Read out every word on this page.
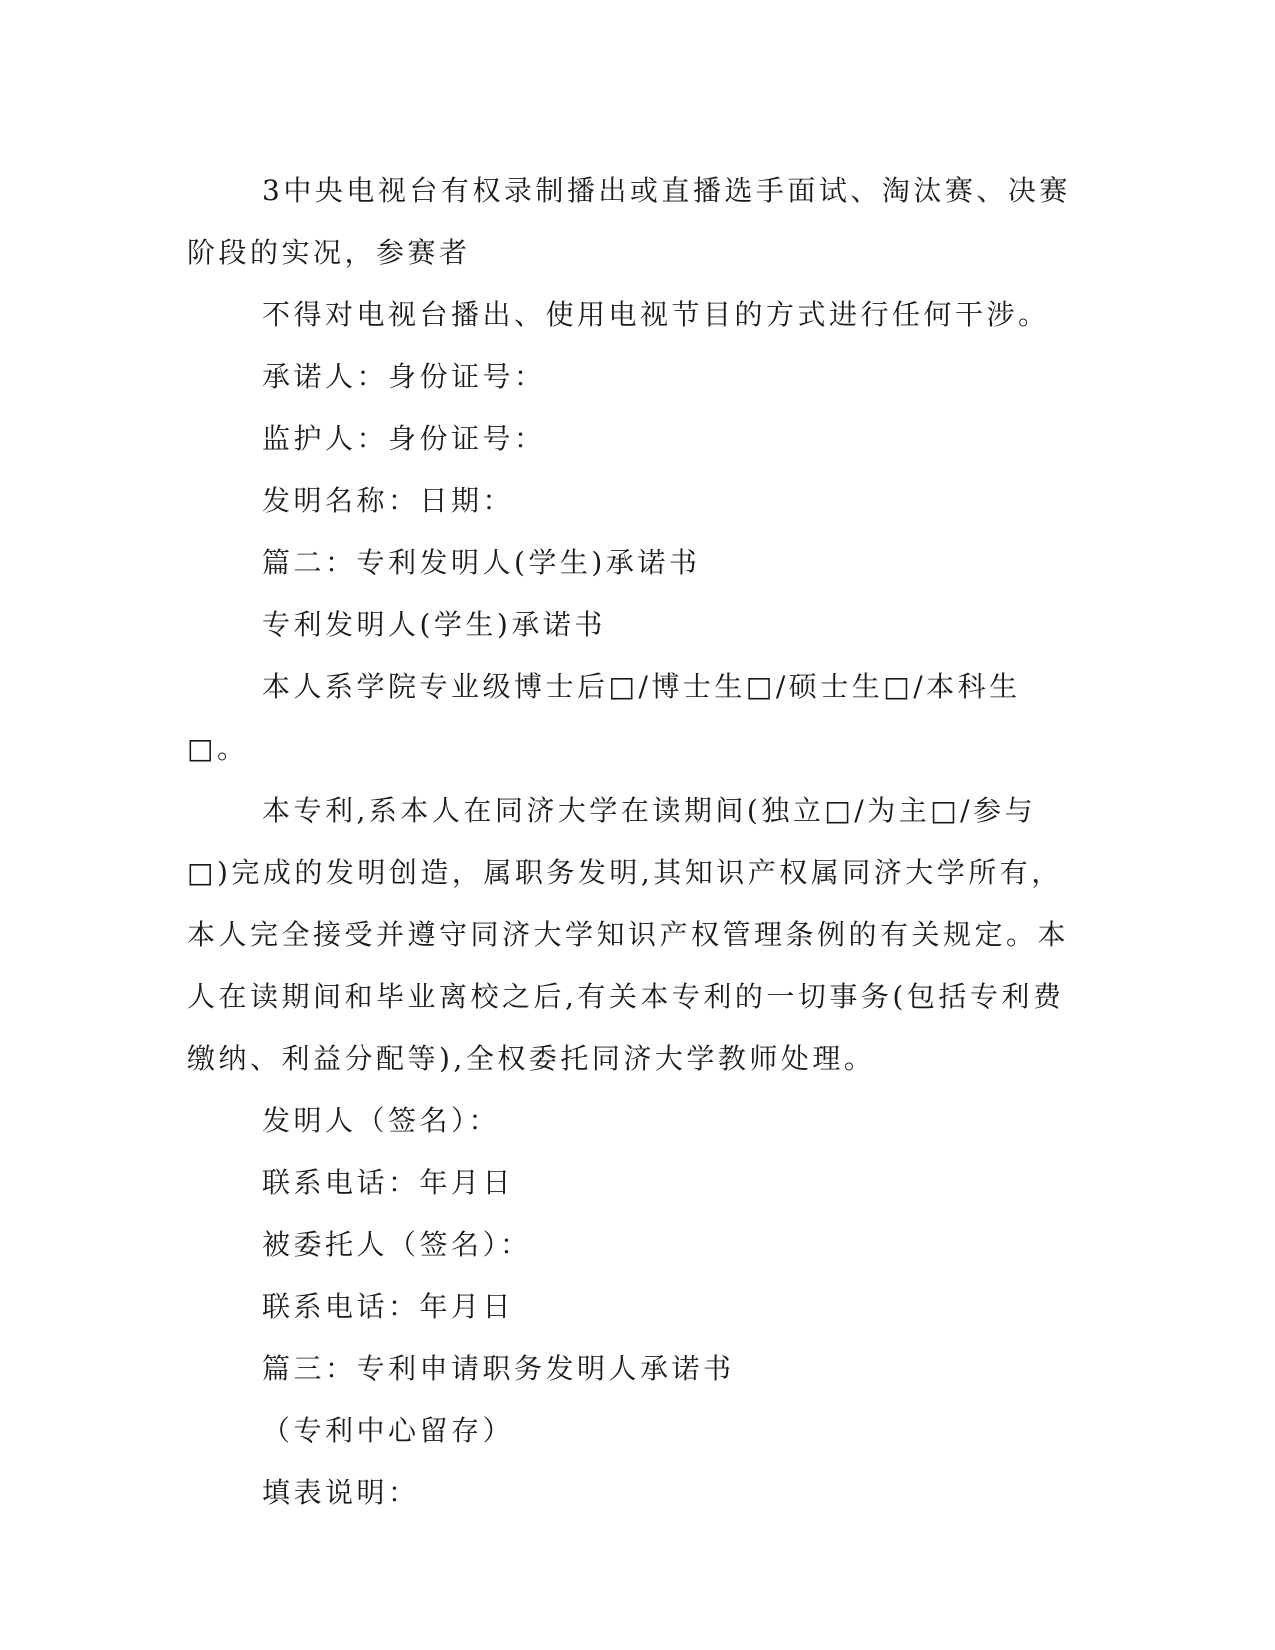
3中央电视台有权录制播出或直播选手面试、淘汰赛、决赛阶段的实况，参赛者

不得对电视台播出、使用电视节目的方式进行任何干涉。

承诺人：身份证号：

监护人：身份证号：

发明名称：日期：

篇二：专利发明人(学生)承诺书

专利发明人(学生)承诺书

本人系学院专业级博士后□/博士生□/硕士生□/本科生□。

本专利,系本人在同济大学在读期间(独立□/为主□/参与□)完成的发明创造，属职务发明,其知识产权属同济大学所有，本人完全接受并遵守同济大学知识产权管理条例的有关规定。本人在读期间和毕业离校之后,有关本专利的一切事务(包括专利费缴纳、利益分配等),全权委托同济大学教师处理。

发明人（签名）：

联系电话：年月日

被委托人（签名）：

联系电话：年月日

篇三：专利申请职务发明人承诺书

（专利中心留存）

填表说明：
